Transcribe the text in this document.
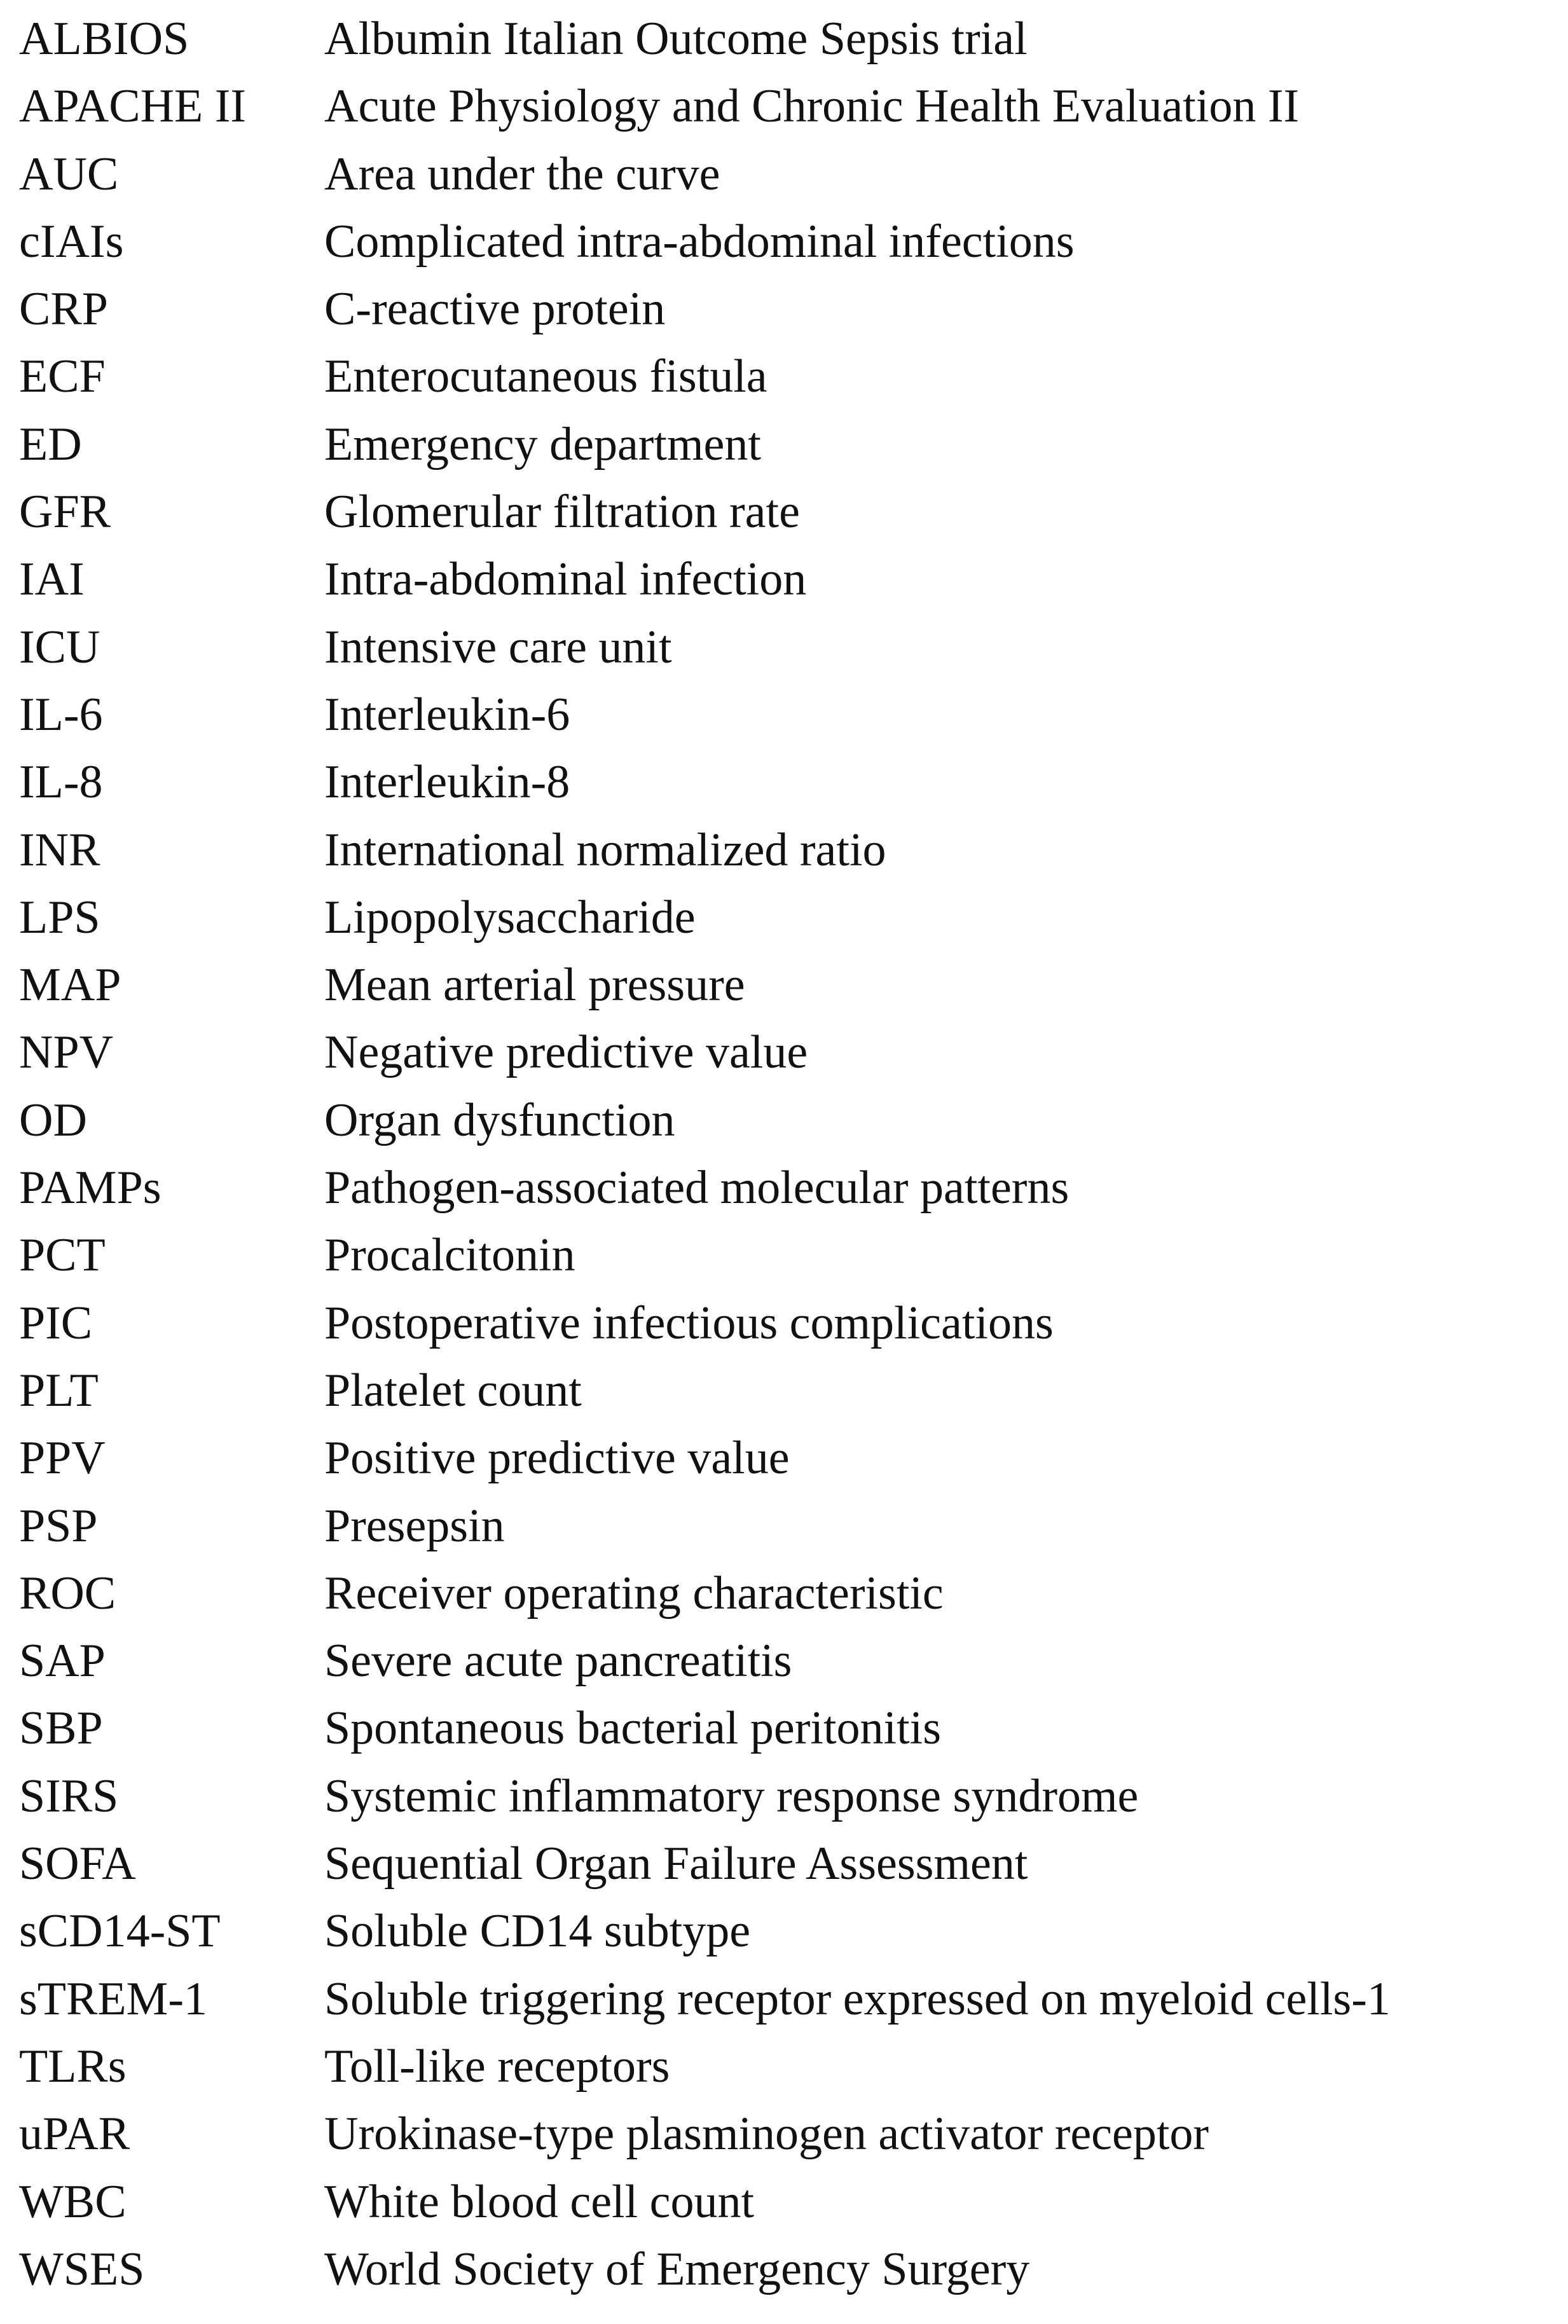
ALBIOS	Albumin Italian Outcome Sepsis trial
APACHE II	Acute Physiology and Chronic Health Evaluation II
AUC	Area under the curve
cIAIs	Complicated intra-abdominal infections
CRP	C-reactive protein
ECF	Enterocutaneous fistula
ED	Emergency department
GFR	Glomerular filtration rate
IAI	Intra-abdominal infection
ICU	Intensive care unit
IL-6	Interleukin-6
IL-8	Interleukin-8
INR	International normalized ratio
LPS	Lipopolysaccharide
MAP	Mean arterial pressure
NPV	Negative predictive value
OD	Organ dysfunction
PAMPs	Pathogen-associated molecular patterns
PCT	Procalcitonin
PIC	Postoperative infectious complications
PLT	Platelet count
PPV	Positive predictive value
PSP	Presepsin
ROC	Receiver operating characteristic
SAP	Severe acute pancreatitis
SBP	Spontaneous bacterial peritonitis
SIRS	Systemic inflammatory response syndrome
SOFA	Sequential Organ Failure Assessment
sCD14-ST	Soluble CD14 subtype
sTREM-1	Soluble triggering receptor expressed on myeloid cells-1
TLRs	Toll-like receptors
uPAR	Urokinase-type plasminogen activator receptor
WBC	White blood cell count
WSES	World Society of Emergency Surgery
